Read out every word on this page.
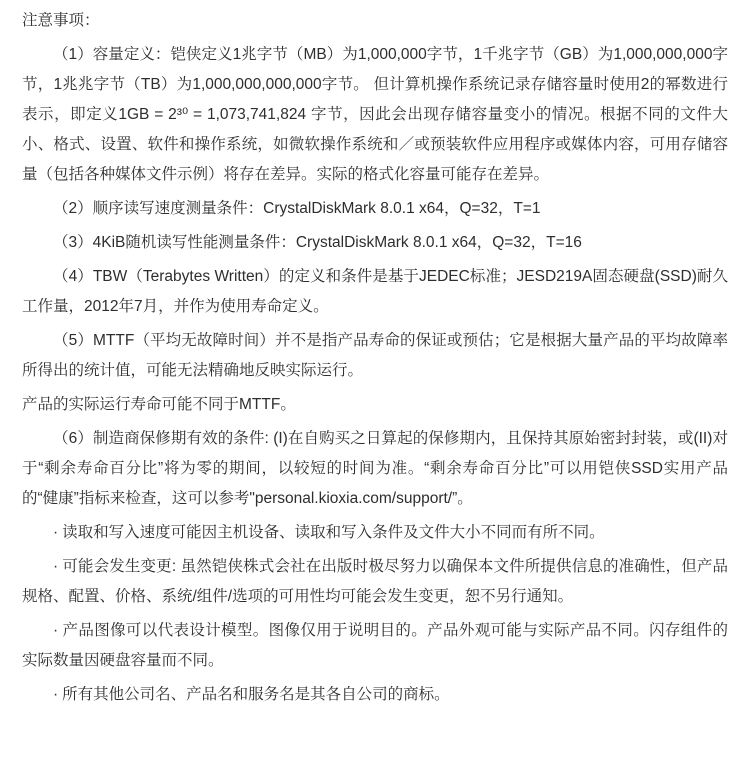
注意事项：

（1）容量定义：铠侠定义1兆字节（MB）为1,000,000字节，1千兆字节（GB）为1,000,000,000字节，1兆兆字节（TB）为1,000,000,000,000字节。 但计算机操作系统记录存储容量时使用2的幂数进行表示，即定义1GB = 2³⁰ = 1,073,741,824 字节，因此会出现存储容量变小的情况。根据不同的文件大小、格式、设置、软件和操作系统，如微软操作系统和／或预装软件应用程序或媒体内容，可用存储容量（包括各种媒体文件示例）将存在差异。实际的格式化容量可能存在差异。

（2）顺序读写速度测量条件：CrystalDiskMark 8.0.1 x64，Q=32，T=1

（3）4KiB随机读写性能测量条件：CrystalDiskMark 8.0.1 x64，Q=32，T=16

（4）TBW（Terabytes Written）的定义和条件是基于JEDEC标准；JESD219A固态硬盘(SSD)耐久工作量，2012年7月，并作为使用寿命定义。

（5）MTTF（平均无故障时间）并不是指产品寿命的保证或预估；它是根据大量产品的平均故障率所得出的统计值，可能无法精确地反映实际运行。

产品的实际运行寿命可能不同于MTTF。

（6）制造商保修期有效的条件: (I)在自购买之日算起的保修期内，且保持其原始密封封装，或(II)对于“剩余寿命百分比”将为零的期间，以较短的时间为准。“剩余寿命百分比”可以用铠侠SSD实用产品的“健康”指标来检查，这可以参考"personal.kioxia.com/support/”。

· 读取和写入速度可能因主机设备、读取和写入条件及文件大小不同而有所不同。

· 可能会发生变更: 虽然铠侠株式会社在出版时极尽努力以确保本文件所提供信息的准确性，但产品规格、配置、价格、系统/组件/选项的可用性均可能会发生变更，恕不另行通知。

· 产品图像可以代表设计模型。图像仅用于说明目的。产品外观可能与实际产品不同。闪存组件的实际数量因硬盘容量而不同。

· 所有其他公司名、产品名和服务名是其各自公司的商标。
